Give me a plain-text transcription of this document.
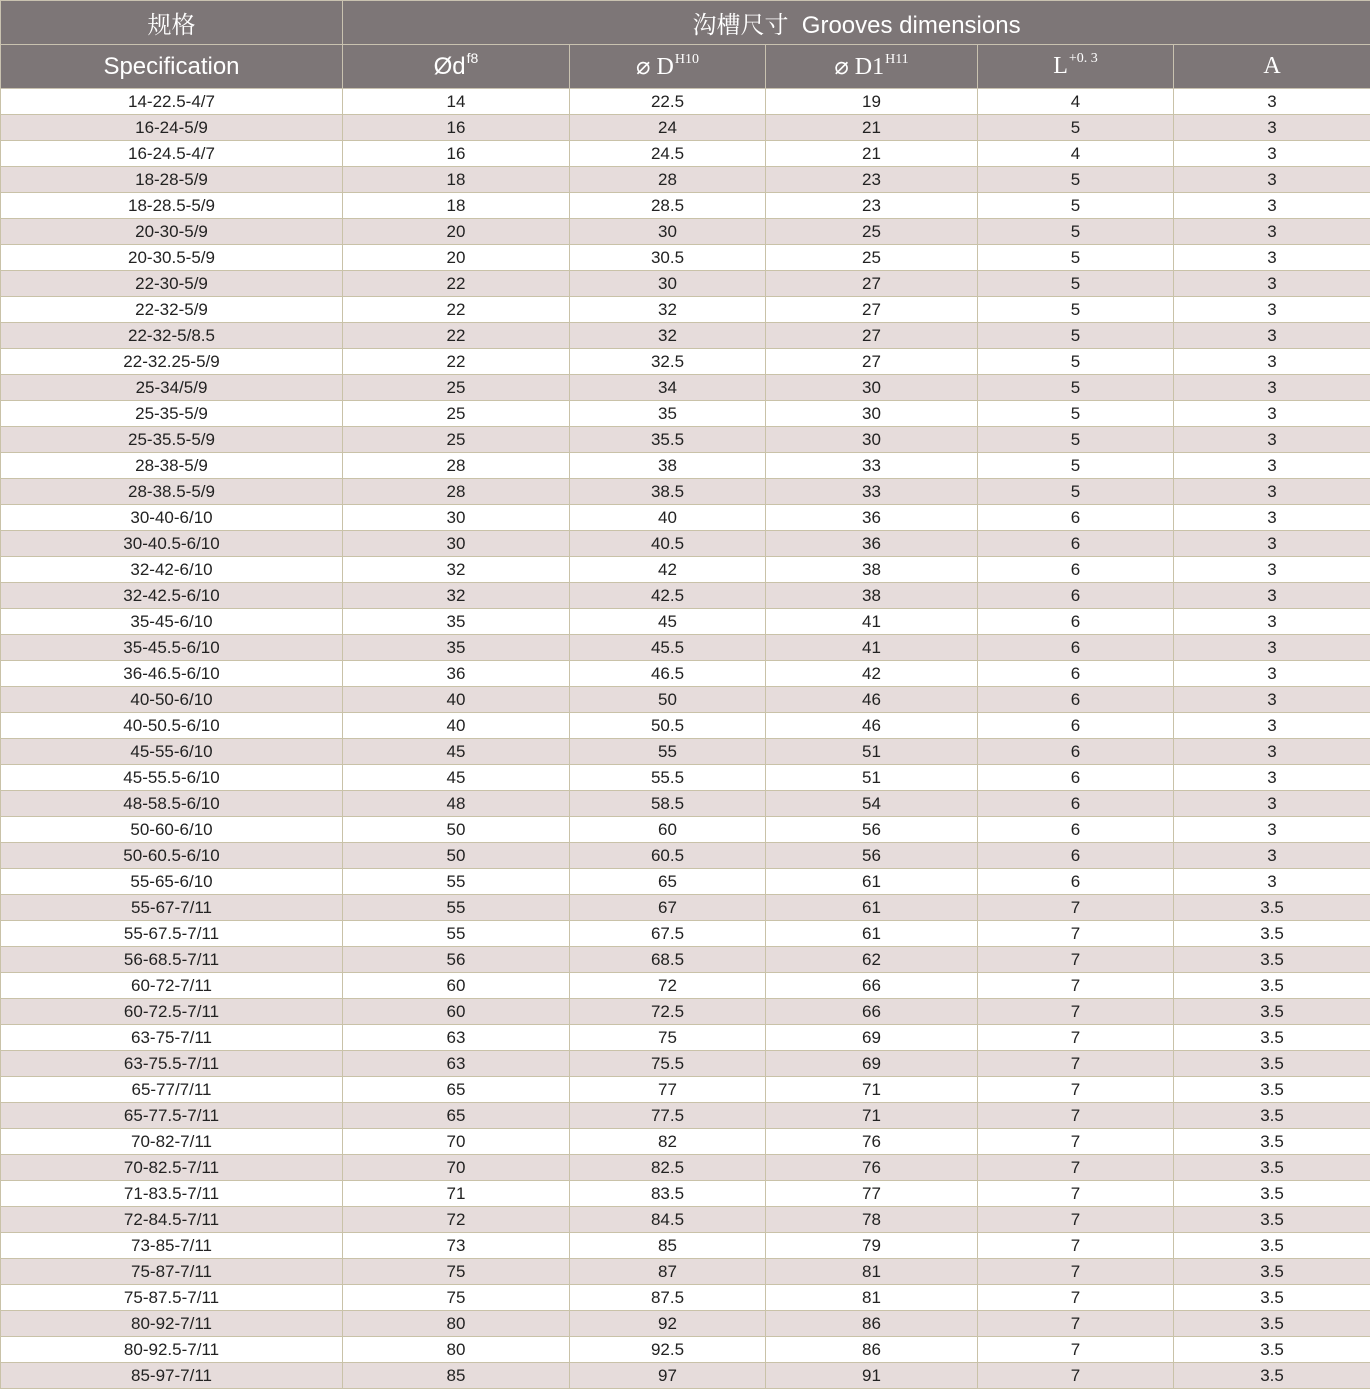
规格	沟槽尺寸  Grooves dimensions				
Specification	$Ød^{f8}$	⌀ $D^{H10}$	⌀ $D1^{H11}$	$L^{+0. 3}$	A
14-22.5-4/7	14	22.5	19	4	3
16-24-5/9	16	24	21	5	3
16-24.5-4/7	16	24.5	21	4	3
18-28-5/9	18	28	23	5	3
18-28.5-5/9	18	28.5	23	5	3
20-30-5/9	20	30	25	5	3
20-30.5-5/9	20	30.5	25	5	3
22-30-5/9	22	30	27	5	3
22-32-5/9	22	32	27	5	3
22-32-5/8.5	22	32	27	5	3
22-32.25-5/9	22	32.5	27	5	3
25-34/5/9	25	34	30	5	3
25-35-5/9	25	35	30	5	3
25-35.5-5/9	25	35.5	30	5	3
28-38-5/9	28	38	33	5	3
28-38.5-5/9	28	38.5	33	5	3
30-40-6/10	30	40	36	6	3
30-40.5-6/10	30	40.5	36	6	3
32-42-6/10	32	42	38	6	3
32-42.5-6/10	32	42.5	38	6	3
35-45-6/10	35	45	41	6	3
35-45.5-6/10	35	45.5	41	6	3
36-46.5-6/10	36	46.5	42	6	3
40-50-6/10	40	50	46	6	3
40-50.5-6/10	40	50.5	46	6	3
45-55-6/10	45	55	51	6	3
45-55.5-6/10	45	55.5	51	6	3
48-58.5-6/10	48	58.5	54	6	3
50-60-6/10	50	60	56	6	3
50-60.5-6/10	50	60.5	56	6	3
55-65-6/10	55	65	61	6	3
55-67-7/11	55	67	61	7	3.5
55-67.5-7/11	55	67.5	61	7	3.5
56-68.5-7/11	56	68.5	62	7	3.5
60-72-7/11	60	72	66	7	3.5
60-72.5-7/11	60	72.5	66	7	3.5
63-75-7/11	63	75	69	7	3.5
63-75.5-7/11	63	75.5	69	7	3.5
65-77/7/11	65	77	71	7	3.5
65-77.5-7/11	65	77.5	71	7	3.5
70-82-7/11	70	82	76	7	3.5
70-82.5-7/11	70	82.5	76	7	3.5
71-83.5-7/11	71	83.5	77	7	3.5
72-84.5-7/11	72	84.5	78	7	3.5
73-85-7/11	73	85	79	7	3.5
75-87-7/11	75	87	81	7	3.5
75-87.5-7/11	75	87.5	81	7	3.5
80-92-7/11	80	92	86	7	3.5
80-92.5-7/11	80	92.5	86	7	3.5
85-97-7/11	85	97	91	7	3.5
